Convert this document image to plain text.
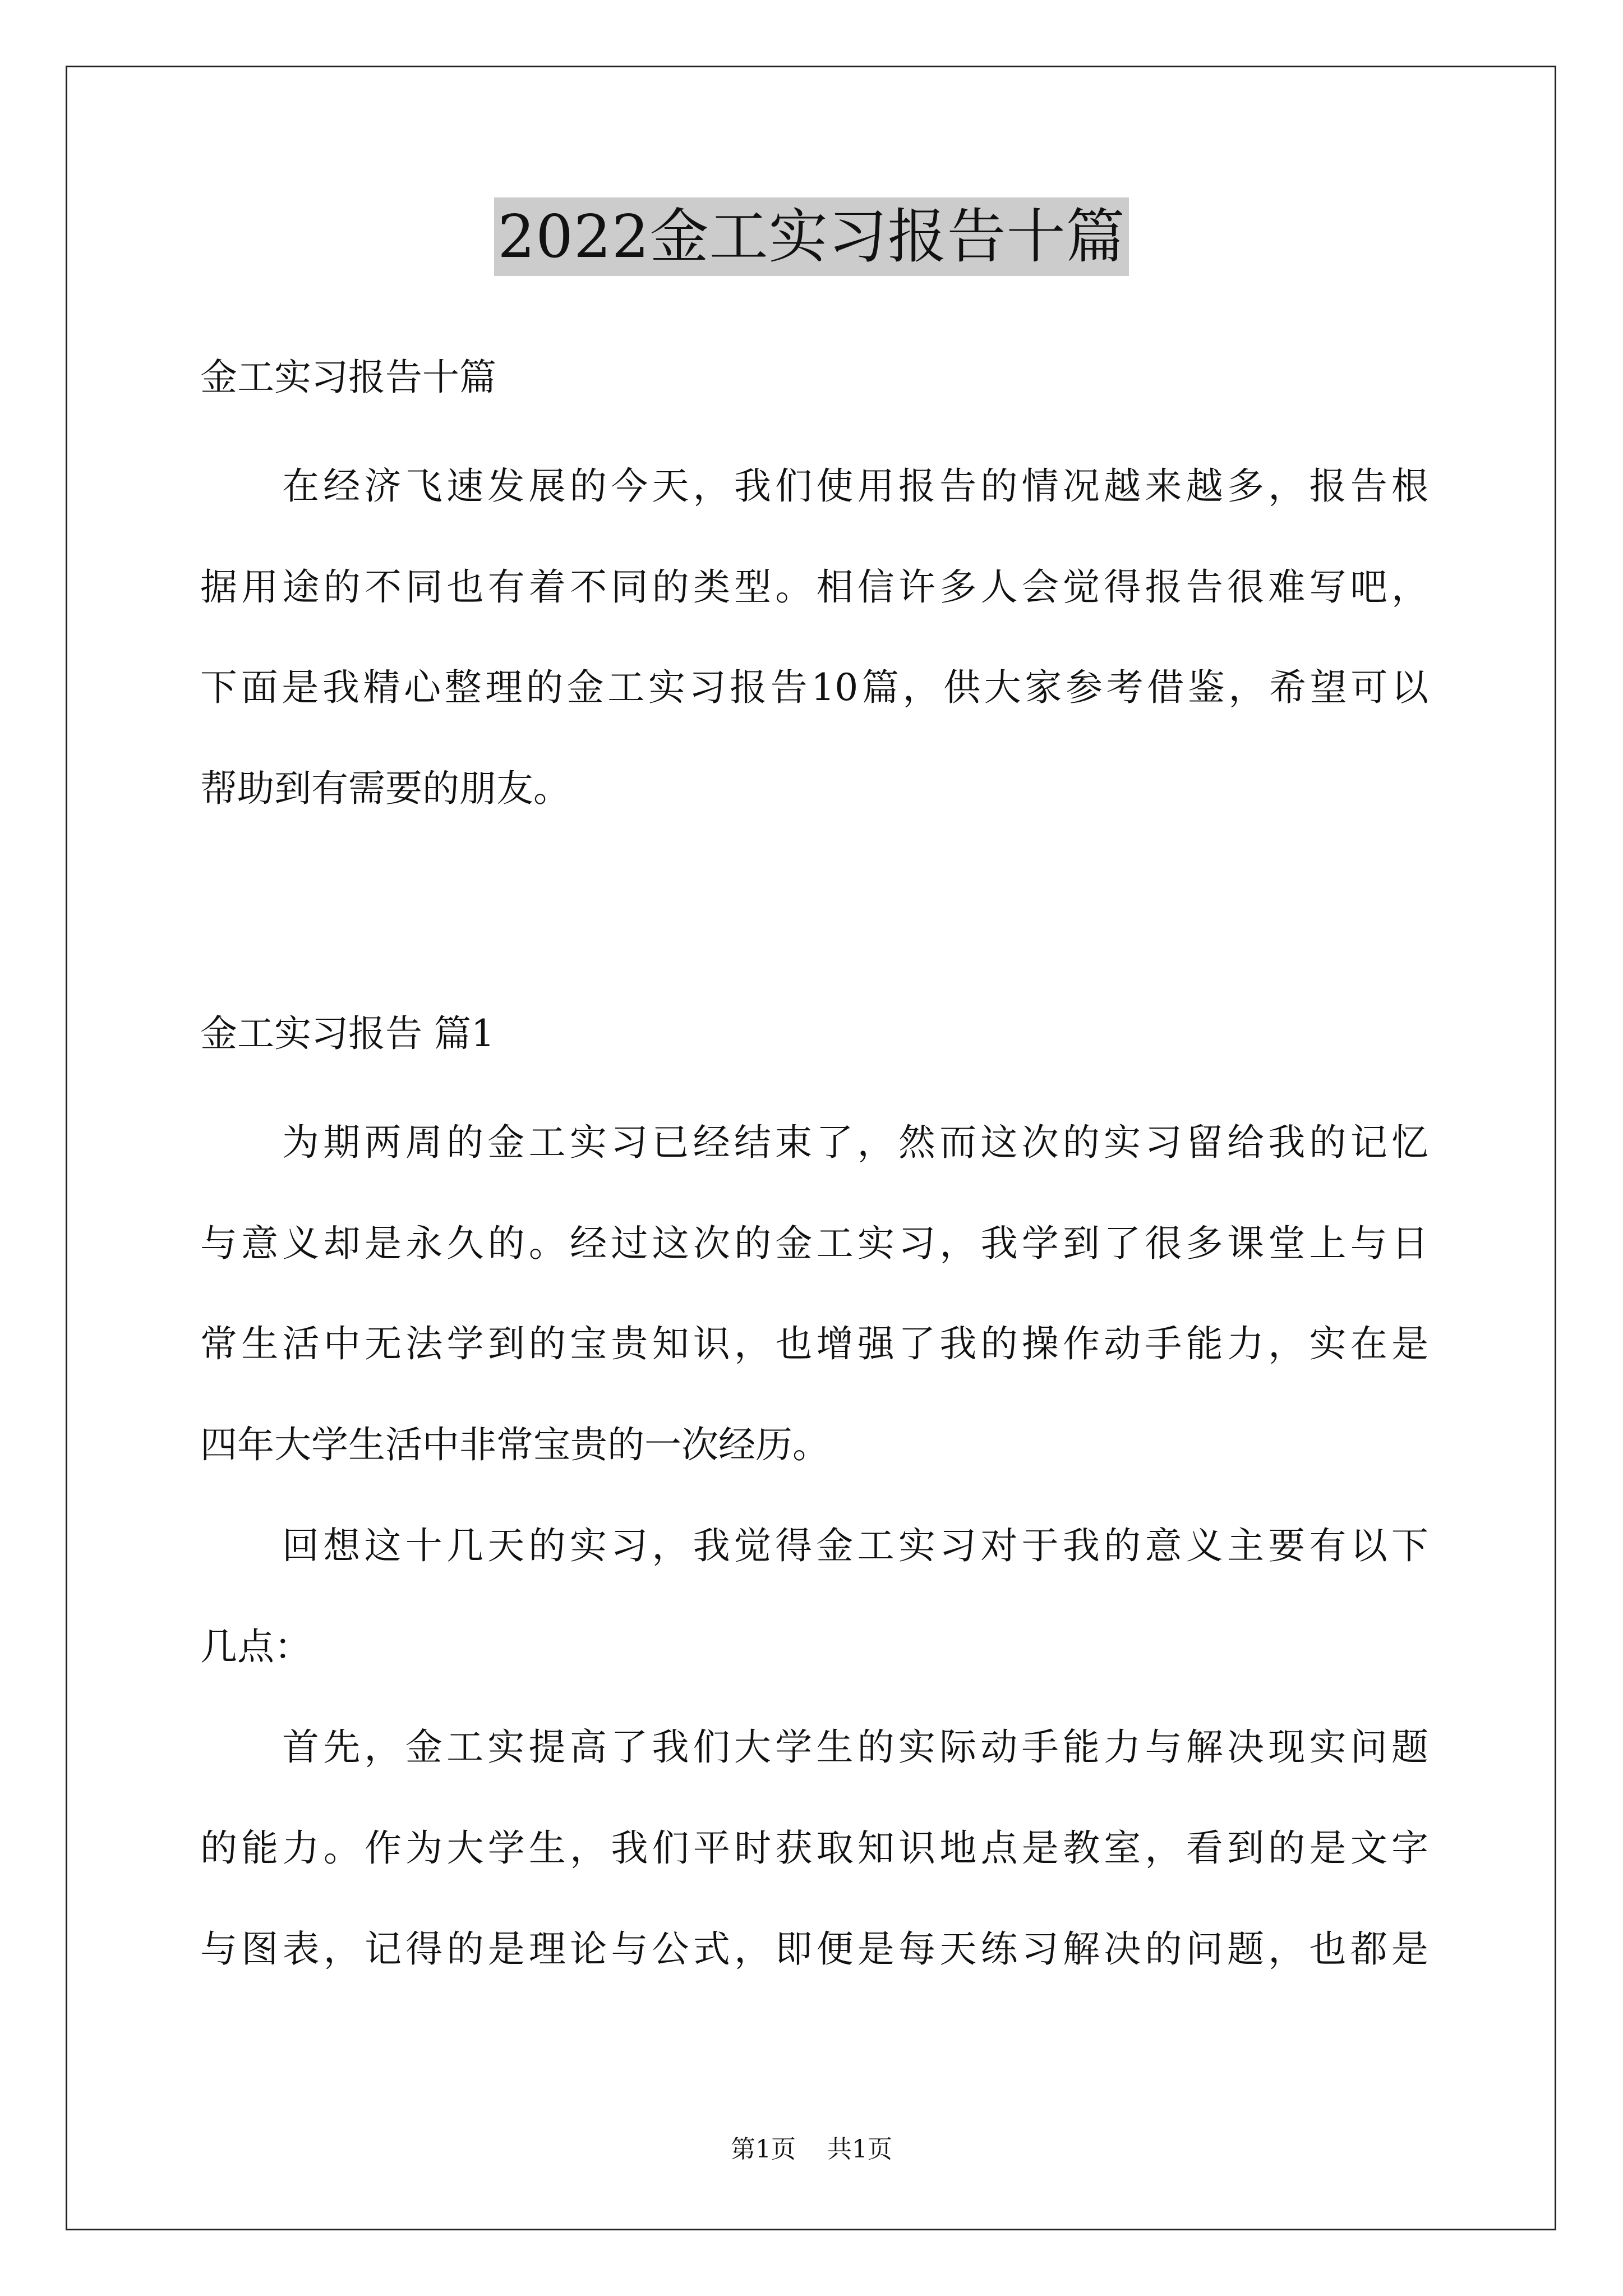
2022金工实习报告十篇
金工实习报告十篇
在经济飞速发展的今天，我们使用报告的情况越来越多，报告根
据用途的不同也有着不同的类型。相信许多人会觉得报告很难写吧，
下面是我精心整理的金工实习报告10篇，供大家参考借鉴，希望可以
帮助到有需要的朋友。
金工实习报告 篇1
为期两周的金工实习已经结束了，然而这次的实习留给我的记忆
与意义却是永久的。经过这次的金工实习，我学到了很多课堂上与日
常生活中无法学到的宝贵知识，也增强了我的操作动手能力，实在是
四年大学生活中非常宝贵的一次经历。
回想这十几天的实习，我觉得金工实习对于我的意义主要有以下
几点：
首先，金工实提高了我们大学生的实际动手能力与解决现实问题
的能力。作为大学生，我们平时获取知识地点是教室，看到的是文字
与图表，记得的是理论与公式，即便是每天练习解决的问题，也都是
第1页 共1页
